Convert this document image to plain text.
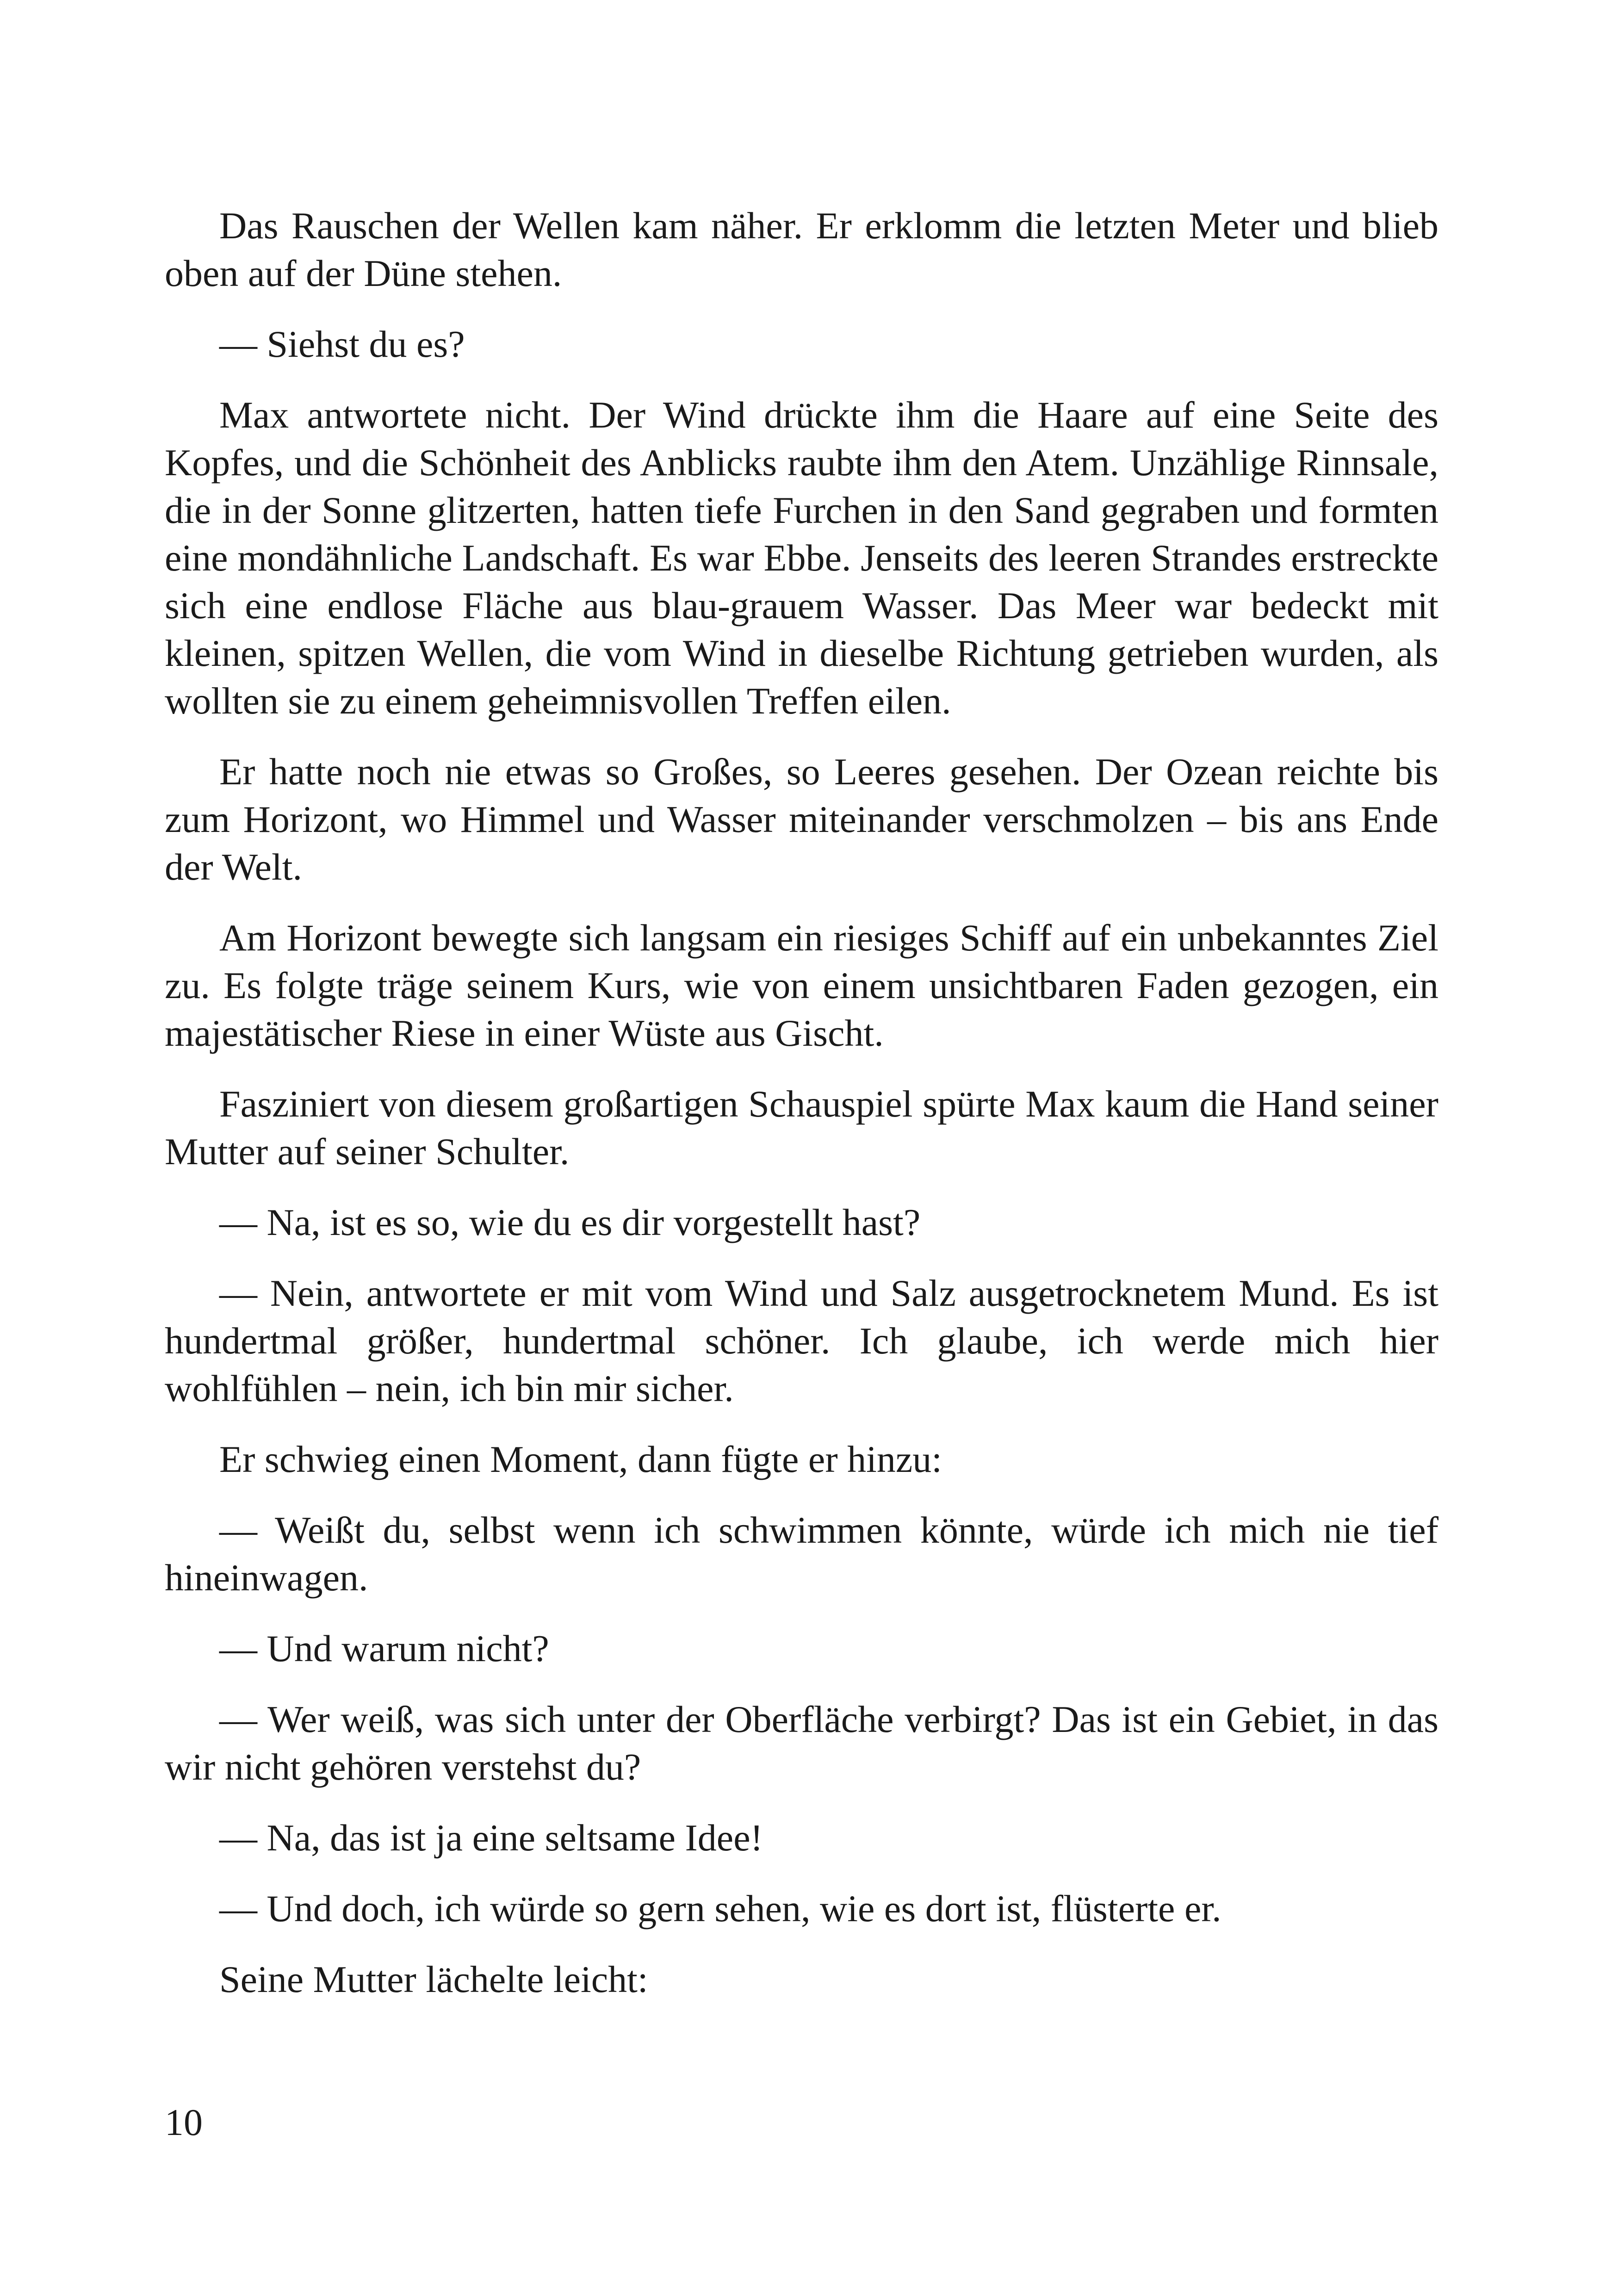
Das Rauschen der Wellen kam näher. Er erklomm die letzten Meter und blieb oben auf der Düne stehen.

— Siehst du es?

Max antwortete nicht. Der Wind drückte ihm die Haare auf eine Seite des Kopfes, und die Schönheit des Anblicks raubte ihm den Atem. Unzählige Rinnsale, die in der Sonne glitzerten, hatten tiefe Furchen in den Sand gegraben und formten eine mondähnliche Landschaft. Es war Ebbe. Jenseits des leeren Strandes erstreckte sich eine endlose Fläche aus blau-grauem Wasser. Das Meer war bedeckt mit kleinen, spitzen Wellen, die vom Wind in dieselbe Richtung getrieben wurden, als wollten sie zu einem geheimnisvollen Treffen eilen.

Er hatte noch nie etwas so Großes, so Leeres gesehen. Der Ozean reichte bis zum Horizont, wo Himmel und Wasser miteinander verschmolzen – bis ans Ende der Welt.

Am Horizont bewegte sich langsam ein riesiges Schiff auf ein unbekanntes Ziel zu. Es folgte träge seinem Kurs, wie von einem unsichtbaren Faden gezogen, ein majestätischer Riese in einer Wüste aus Gischt.

Fasziniert von diesem großartigen Schauspiel spürte Max kaum die Hand seiner Mutter auf seiner Schulter.

— Na, ist es so, wie du es dir vorgestellt hast?

— Nein, antwortete er mit vom Wind und Salz ausgetrocknetem Mund. Es ist hundertmal größer, hundertmal schöner. Ich glaube, ich werde mich hier wohlfühlen – nein, ich bin mir sicher.

Er schwieg einen Moment, dann fügte er hinzu:

— Weißt du, selbst wenn ich schwimmen könnte, würde ich mich nie tief hineinwagen.

— Und warum nicht?

— Wer weiß, was sich unter der Oberfläche verbirgt? Das ist ein Gebiet, in das wir nicht gehören verstehst du?

— Na, das ist ja eine seltsame Idee!

— Und doch, ich würde so gern sehen, wie es dort ist, flüsterte er.

Seine Mutter lächelte leicht:

10
